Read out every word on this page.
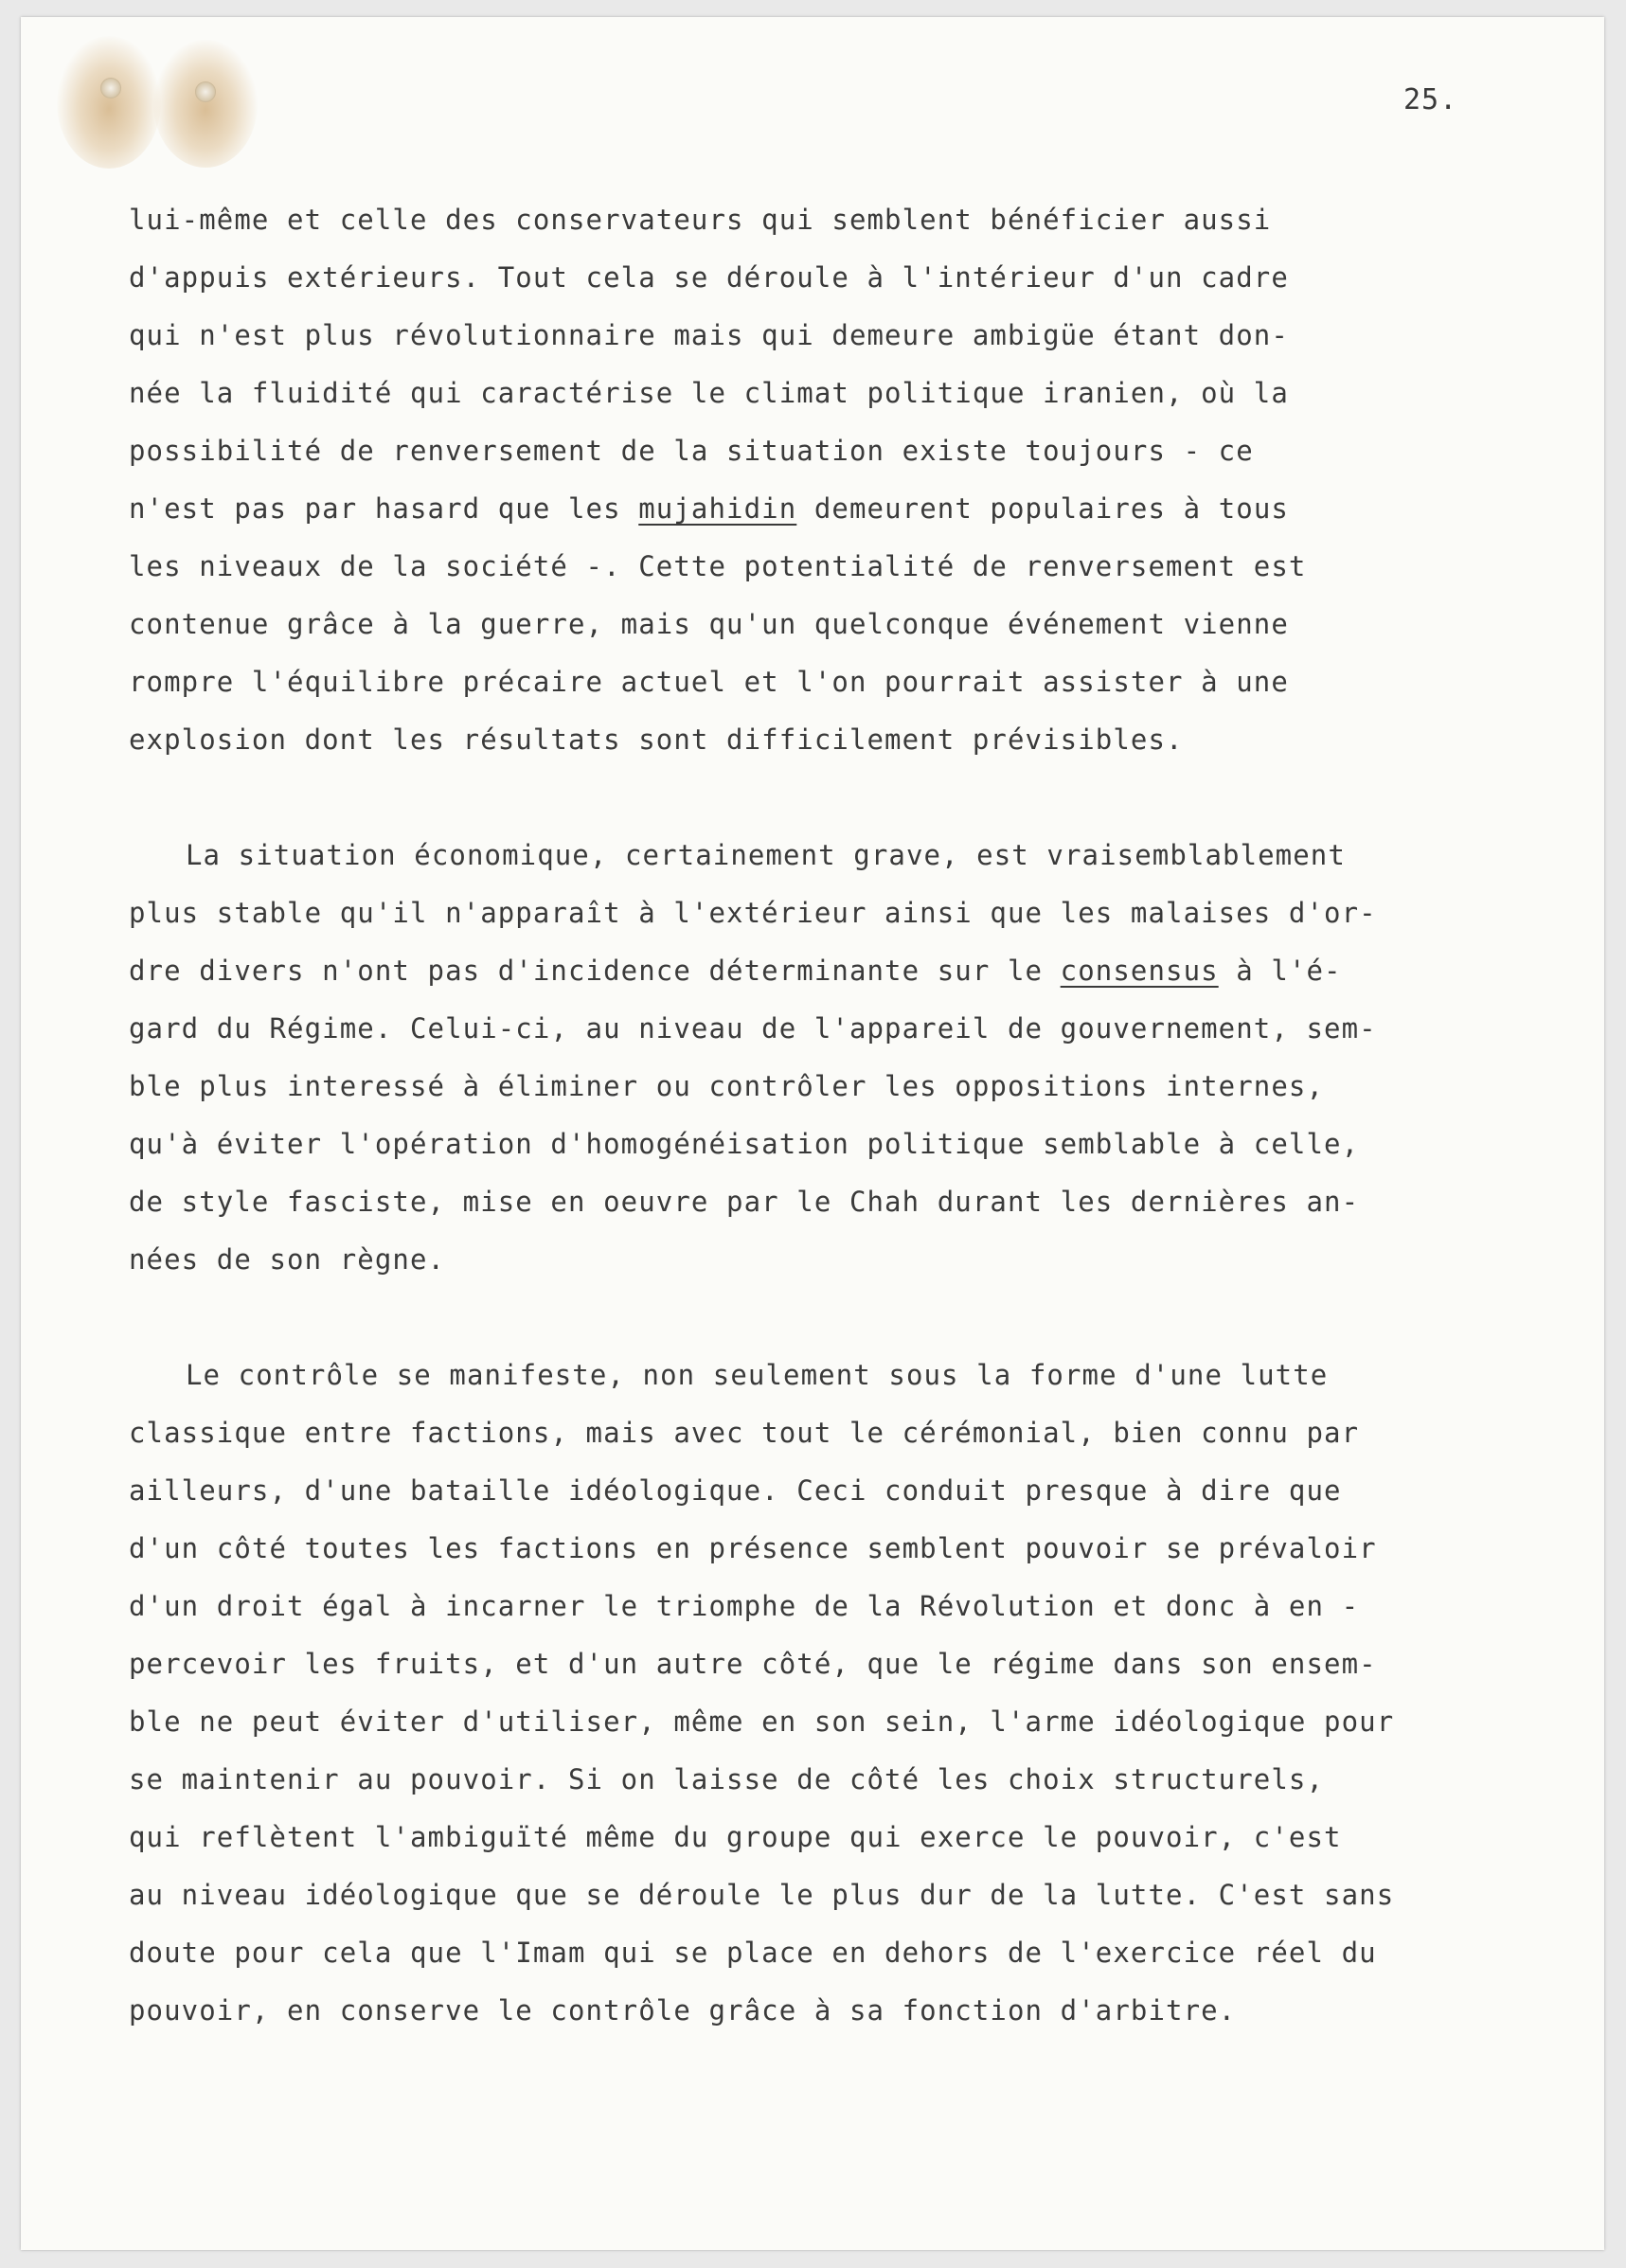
25.
lui-même et celle des conservateurs qui semblent bénéficier aussi
d'appuis extérieurs. Tout cela se déroule à l'intérieur d'un cadre
qui n'est plus révolutionnaire mais qui demeure ambigüe étant don-
née la fluidité qui caractérise le climat politique iranien, où la
possibilité de renversement de la situation existe toujours - ce
n'est pas par hasard que les mujahidin demeurent populaires à tous
les niveaux de la société -. Cette potentialité de renversement est
contenue grâce à la guerre, mais qu'un quelconque événement vienne
rompre l'équilibre précaire actuel et l'on pourrait assister à une
explosion dont les résultats sont difficilement prévisibles.
La situation économique, certainement grave, est vraisemblablement
plus stable qu'il n'apparaît à l'extérieur ainsi que les malaises d'or-
dre divers n'ont pas d'incidence déterminante sur le consensus à l'é-
gard du Régime. Celui-ci, au niveau de l'appareil de gouvernement, sem-
ble plus interessé à éliminer ou contrôler les oppositions internes,
qu'à éviter l'opération d'homogénéisation politique semblable à celle,
de style fasciste, mise en oeuvre par le Chah durant les dernières an-
nées de son règne.
Le contrôle se manifeste, non seulement sous la forme d'une lutte
classique entre factions, mais avec tout le cérémonial, bien connu par
ailleurs, d'une bataille idéologique. Ceci conduit presque à dire que
d'un côté toutes les factions en présence semblent pouvoir se prévaloir
d'un droit égal à incarner le triomphe de la Révolution et donc à en -
percevoir les fruits, et d'un autre côté, que le régime dans son ensem-
ble ne peut éviter d'utiliser, même en son sein, l'arme idéologique pour
se maintenir au pouvoir. Si on laisse de côté les choix structurels,
qui reflètent l'ambiguïté même du groupe qui exerce le pouvoir, c'est
au niveau idéologique que se déroule le plus dur de la lutte. C'est sans
doute pour cela que l'Imam qui se place en dehors de l'exercice réel du
pouvoir, en conserve le contrôle grâce à sa fonction d'arbitre.
